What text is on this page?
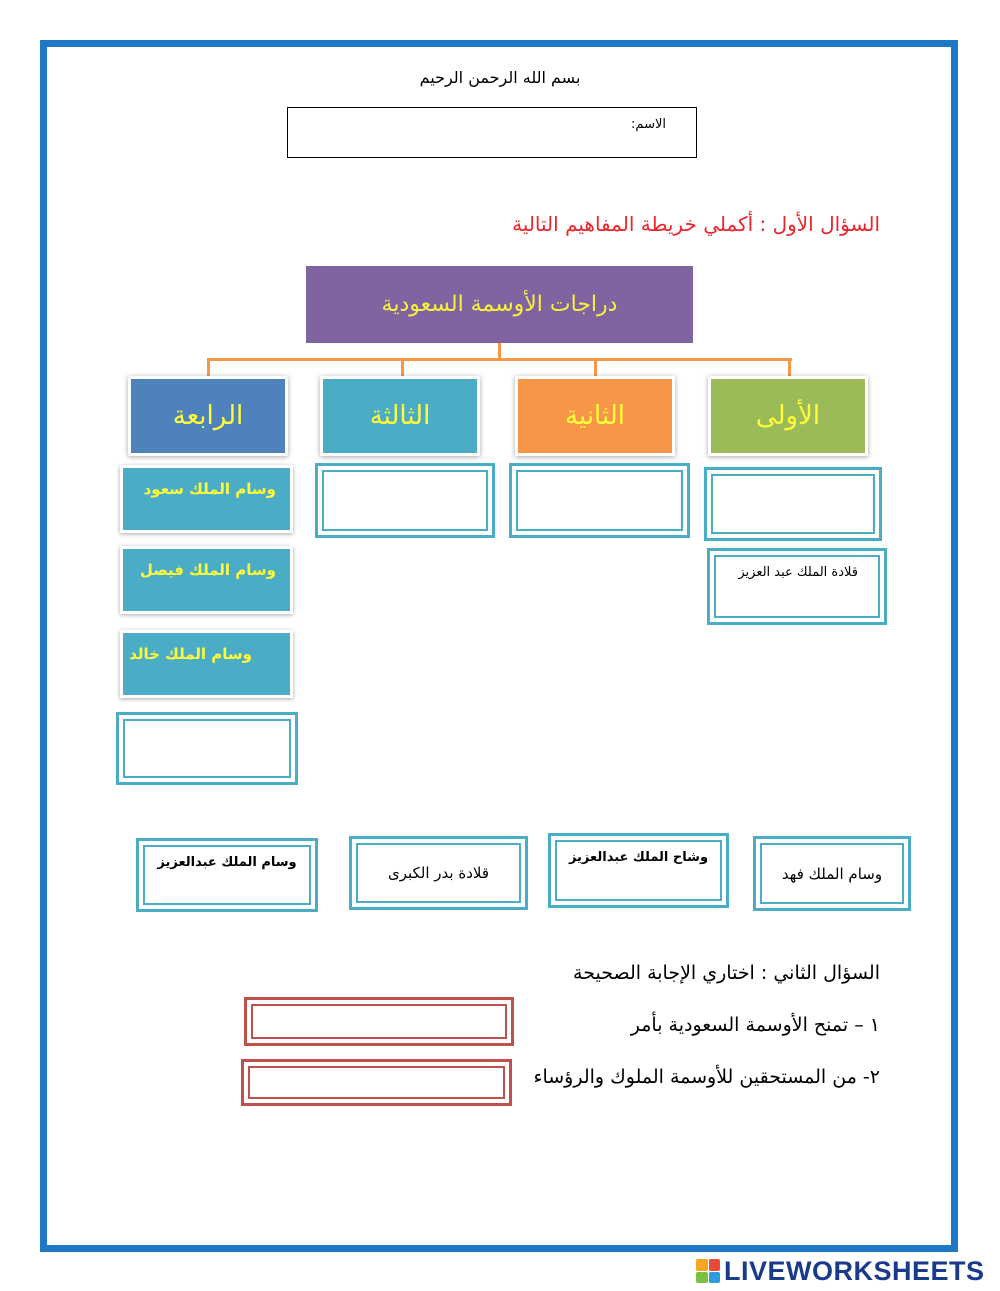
بسم الله الرحمن الرحيم
الاسم:
السؤال الأول : أكملي خريطة المفاهيم التالية
دراجات الأوسمة السعودية
الأولى
الثانية
الثالثة
الرابعة
قلادة الملك عبد العزيز
وسام الملك سعود
وسام الملك فيصل
وسام الملك خالد
وسام الملك فهد
وشاح الملك عبدالعزيز
قلادة بدر الكبرى
وسام الملك عبدالعزيز
السؤال الثاني : اختاري الإجابة الصحيحة
١ – تمنح الأوسمة السعودية بأمر
٢- من المستحقين للأوسمة الملوك والرؤساء
LIVEWORKSHEETS
